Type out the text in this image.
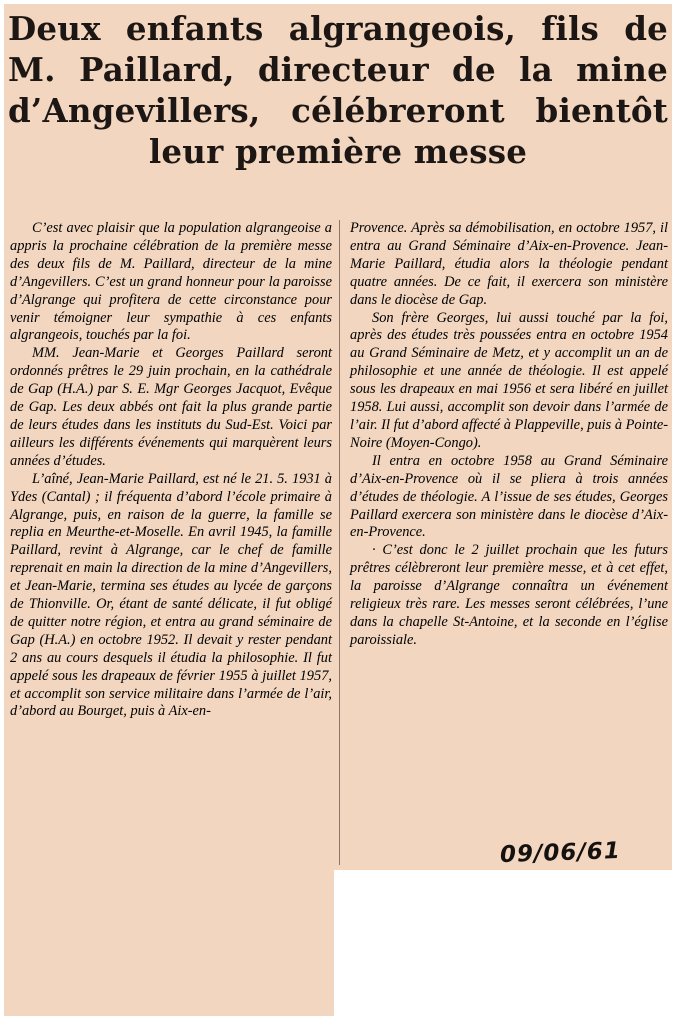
Deux enfants algrangeois, fils de M. Paillard, directeur de la mine d’Angevillers, célébreront bientôt leur première messe

C’est avec plaisir que la population algrangeoise a appris la prochaine célébration de la première messe des deux fils de M. Paillard, directeur de la mine d’Angevillers. C’est un grand honneur pour la paroisse d’Algrange qui profitera de cette circonstance pour venir témoigner leur sympathie à ces enfants algrangeois, touchés par la foi.

MM. Jean-Marie et Georges Paillard seront ordonnés prêtres le 29 juin prochain, en la cathédrale de Gap (H.A.) par S. E. Mgr Georges Jacquot, Evêque de Gap. Les deux abbés ont fait la plus grande partie de leurs études dans les instituts du Sud-Est. Voici par ailleurs les différents événements qui marquèrent leurs années d’études.

L’aîné, Jean-Marie Paillard, est né le 21. 5. 1931 à Ydes (Cantal) ; il fréquenta d’abord l’école primaire à Algrange, puis, en raison de la guerre, la famille se replia en Meurthe-et-Moselle. En avril 1945, la famille Paillard, revint à Algrange, car le chef de famille reprenait en main la direction de la mine d’Angevillers, et Jean-Marie, termina ses études au lycée de garçons de Thionville. Or, étant de santé délicate, il fut obligé de quitter notre région, et entra au grand séminaire de Gap (H.A.) en octobre 1952. Il devait y rester pendant 2 ans au cours desquels il étudia la philosophie. Il fut appelé sous les drapeaux de février 1955 à juillet 1957, et accomplit son service militaire dans l’armée de l’air, d’abord au Bourget, puis à Aix-en-

Provence. Après sa démobilisation, en octobre 1957, il entra au Grand Séminaire d’Aix-en-Provence. Jean-Marie Paillard, étudia alors la théologie pendant quatre années. De ce fait, il exercera son ministère dans le diocèse de Gap.

Son frère Georges, lui aussi touché par la foi, après des études très poussées entra en octobre 1954 au Grand Séminaire de Metz, et y accomplit un an de philosophie et une année de théologie. Il est appelé sous les drapeaux en mai 1956 et sera libéré en juillet 1958. Lui aussi, accomplit son devoir dans l’armée de l’air. Il fut d’abord affecté à Plappeville, puis à Pointe-Noire (Moyen-Congo).

Il entra en octobre 1958 au Grand Séminaire d’Aix-en-Provence où il se pliera à trois années d’études de théologie. A l’issue de ses études, Georges Paillard exercera son ministère dans le diocèse d’Aix-en-Provence.

· C’est donc le 2 juillet prochain que les futurs prêtres célèbreront leur première messe, et à cet effet, la paroisse d’Algrange connaîtra un événement religieux très rare. Les messes seront célébrées, l’une dans la chapelle St-Antoine, et la seconde en l’église paroissiale.

09/06/61
